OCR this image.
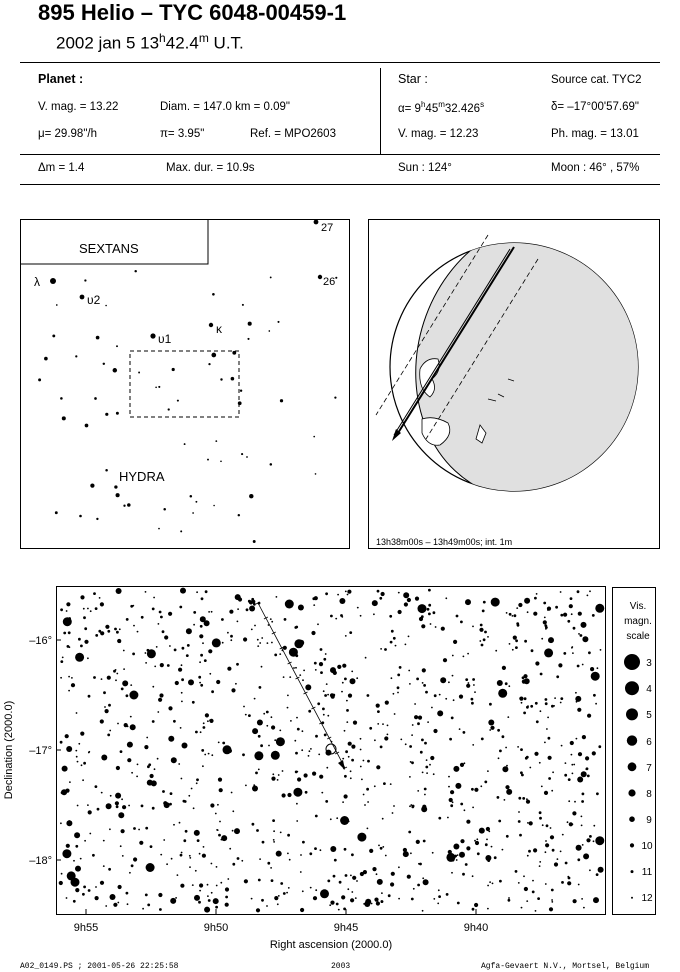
895 Helio – TYC 6048-00459-1
2002 jan 5 13$^h$42.4$^m$ U.T.
Planet :
V. mag. = 13.22	Diam. = 147.0 km = 0.09"
μ= 29.98"/h	π= 3.95"	Ref. = MPO2603
Δm = 1.4	Max. dur. = 10.9s
Star :	Source cat. TYC2
$\alpha= 9^h45^m32.426^s$	δ= –17°00'57.69"
V. mag. = 12.23	Ph. mag. = 13.01
Sun : 124°	Moon : 46° , 57%
SEXTANS
HYDRA
λ
υ2
υ1
κ
27
26
13h38m00s – 13h49m00s; int. 1m
9h55	9h50	9h45	9h40
–16°
–17°
–18°
Right ascension (2000.0)
Declination (2000.0)
Vis.
magn.
scale
3
4
5
6
7
8
9
10
11
12
A02_0149.PS ; 2001-05-26 22:25:58	2003	Agfa-Gevaert N.V., Mortsel, Belgium
